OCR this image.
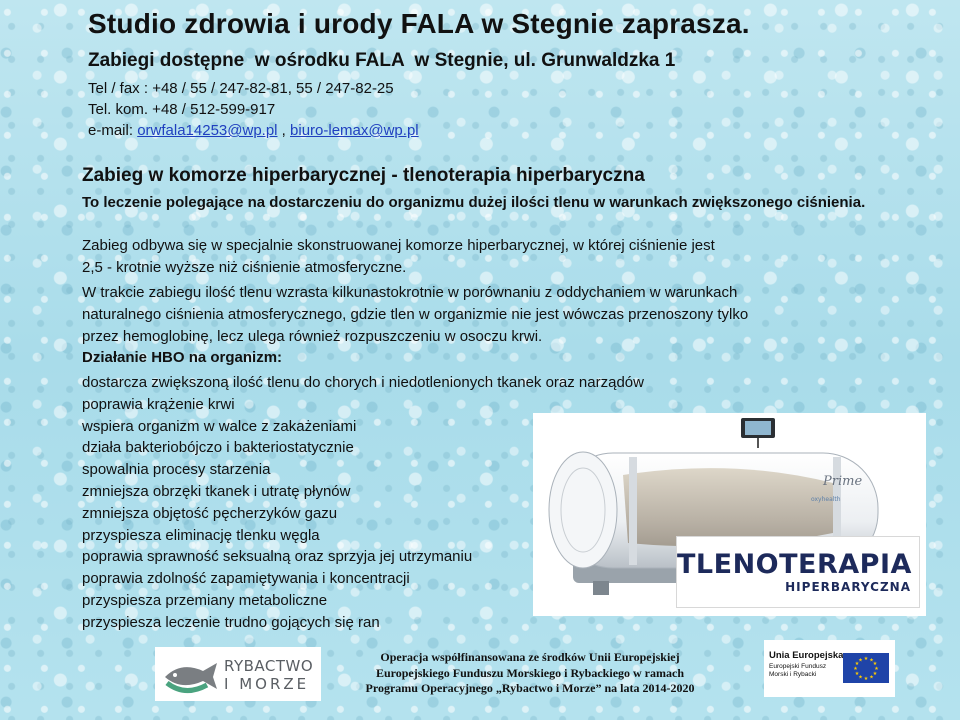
Studio zdrowia i urody FALA w Stegnie zaprasza.
Zabiegi dostępne  w ośrodku FALA  w Stegnie, ul. Grunwaldzka 1
Tel / fax : +48 / 55 / 247-82-81, 55 / 247-82-25
Tel. kom. +48 / 512-599-917
e-mail: orwfala14253@wp.pl , biuro-lemax@wp.pl
Zabieg w komorze hiperbarycznej - tlenoterapia hiperbaryczna
To leczenie polegające na dostarczeniu do organizmu dużej ilości tlenu w warunkach zwiększonego ciśnienia.
Zabieg odbywa się w specjalnie skonstruowanej komorze hiperbarycznej, w której ciśnienie jest
2,5 - krotnie wyższe niż ciśnienie atmosferyczne.
W trakcie zabiegu ilość tlenu wzrasta kilkunastokrotnie w porównaniu z oddychaniem w warunkach
naturalnego ciśnienia atmosferycznego, gdzie tlen w organizmie nie jest wówczas przenoszony tylko
przez hemoglobinę, lecz ulega również rozpuszczeniu w osoczu krwi.
Działanie HBO na organizm:
dostarcza zwiększoną ilość tlenu do chorych i niedotlenionych tkanek oraz narządów
poprawia krążenie krwi
wspiera organizm w walce z zakażeniami
działa bakteriobójczo i bakteriostatycznie
spowalnia procesy starzenia
zmniejsza obrzęki tkanek i utratę płynów
zmniejsza objętość pęcherzyków gazu
przyspiesza eliminację tlenku węgla
poprawia sprawność seksualną oraz sprzyja jej utrzymaniu
poprawia zdolność zapamiętywania i koncentracji
przyspiesza przemiany metaboliczne
przyspiesza leczenie trudno gojących się ran
Prime
oxyhealth
TLENOTERAPIA
HIPERBARYCZNA
RYBACTWO
I MORZE
Operacja współfinansowana ze środków Unii Europejskiej
Europejskiego Funduszu Morskiego i Rybackiego w ramach
Programu Operacyjnego „Rybactwo i Morze” na lata 2014-2020
Unia Europejska
Europejski Fundusz
Morski i Rybacki
★ ★
★
★
★
★
★
★
★
★
★
★
